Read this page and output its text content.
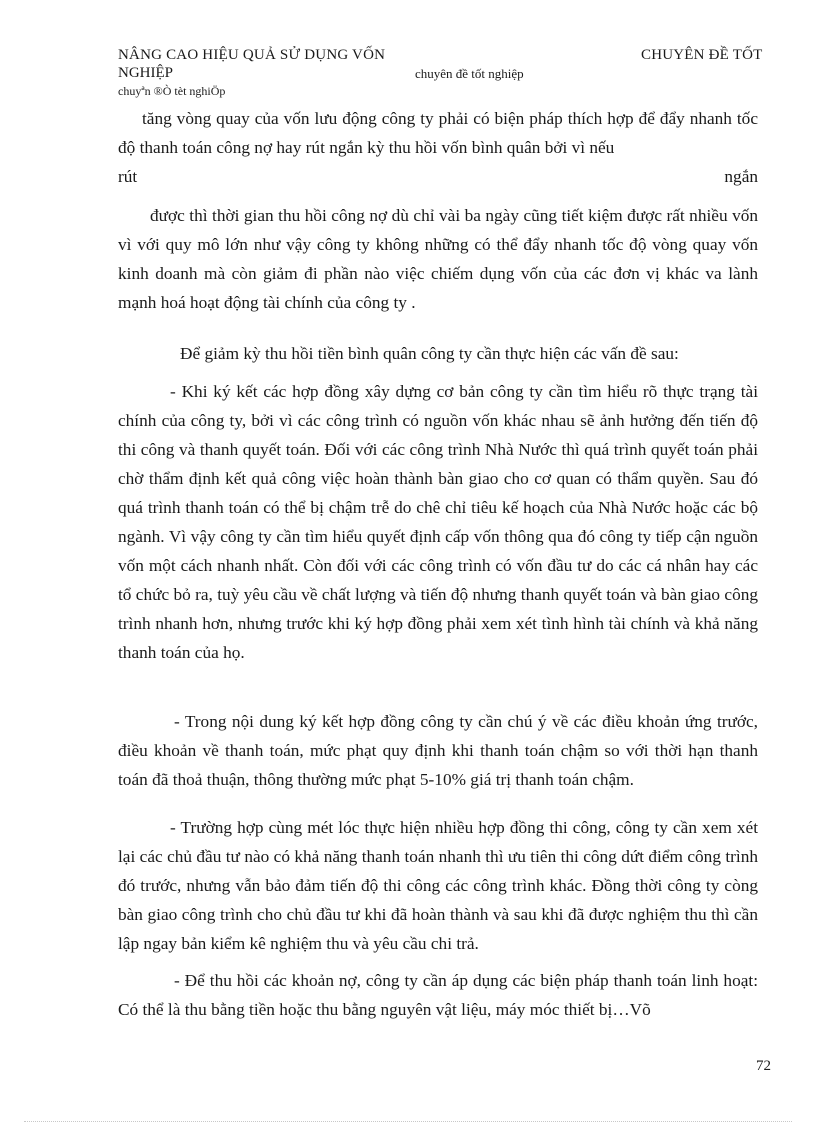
NÂNG CAO HIỆU QUẢ SỬ DỤNG VỐN	CHUYÊN ĐỀ TỐT
NGHIỆP	chuyên đề tốt nghiệp
chuyªn ®Ò tèt nghiÖp
tăng vòng quay của vốn lưu động công ty phải có biện pháp thích hợp để đẩy nhanh tốc độ thanh toán công nợ hay rút ngắn kỳ thu hồi vốn bình quân bởi vì nếu
rút	ngắn

được thì thời gian thu hồi công nợ dù chỉ vài ba ngày cũng tiết kiệm được rất nhiều vốn vì với quy mô lớn như vậy công ty không những có thể đẩy nhanh tốc độ vòng quay vốn kinh doanh mà còn giảm đi phần nào việc chiếm dụng vốn của các đơn vị khác va lành mạnh hoá hoạt động tài chính của công ty .

Để giảm kỳ thu hồi tiền bình quân công ty cần thực hiện các vấn đề sau:

- Khi ký kết các hợp đồng xây dựng cơ bản công ty cần tìm hiểu rõ thực trạng tài chính của công ty, bởi vì các công trình có nguồn vốn khác nhau sẽ ảnh hưởng đến tiến độ thi công và thanh quyết toán. Đối với các công trình Nhà Nước thì quá trình quyết toán phải chờ thẩm định kết quả công việc hoàn thành bàn giao cho cơ quan có thẩm quyền. Sau đó quá trình thanh toán có thể bị chậm trễ do chê chỉ tiêu kế hoạch của Nhà Nước hoặc các bộ ngành. Vì vậy công ty cần tìm hiểu quyết định cấp vốn thông qua đó công ty tiếp cận nguồn vốn một cách nhanh nhất. Còn đối với các công trình có vốn đầu tư do các cá nhân hay các tổ chức bỏ ra, tuỳ yêu cầu về chất lượng và tiến độ nhưng thanh quyết toán và bàn giao công trình nhanh hơn, nhưng trước khi ký hợp đồng phải xem xét tình hình tài chính và khả năng thanh toán của họ.

- Trong nội dung ký kết hợp đồng công ty cần chú ý về các điều khoản ứng trước, điều khoản về thanh toán, mức phạt quy định khi thanh toán chậm so với thời hạn thanh toán đã thoả thuận, thông thường mức phạt 5-10% giá trị thanh toán chậm.

- Trường hợp cùng mét lóc thực hiện nhiều hợp đồng thi công, công ty cần xem xét lại các chủ đầu tư nào có khả năng thanh toán nhanh thì ưu tiên thi công dứt điểm công trình đó trước, nhưng vẫn bảo đảm tiến độ thi công các công trình khác. Đồng thời công ty còng bàn giao công trình cho chủ đầu tư khi đã hoàn thành và sau khi đã được nghiệm thu thì cần lập ngay bản kiểm kê nghiệm thu và yêu cầu chi trả.

- Để thu hồi các khoản nợ, công ty cần áp dụng các biện pháp thanh toán linh hoạt: Có thể là thu bằng tiền hoặc thu bằng nguyên vật liệu, máy móc thiết bị…Võ

72
